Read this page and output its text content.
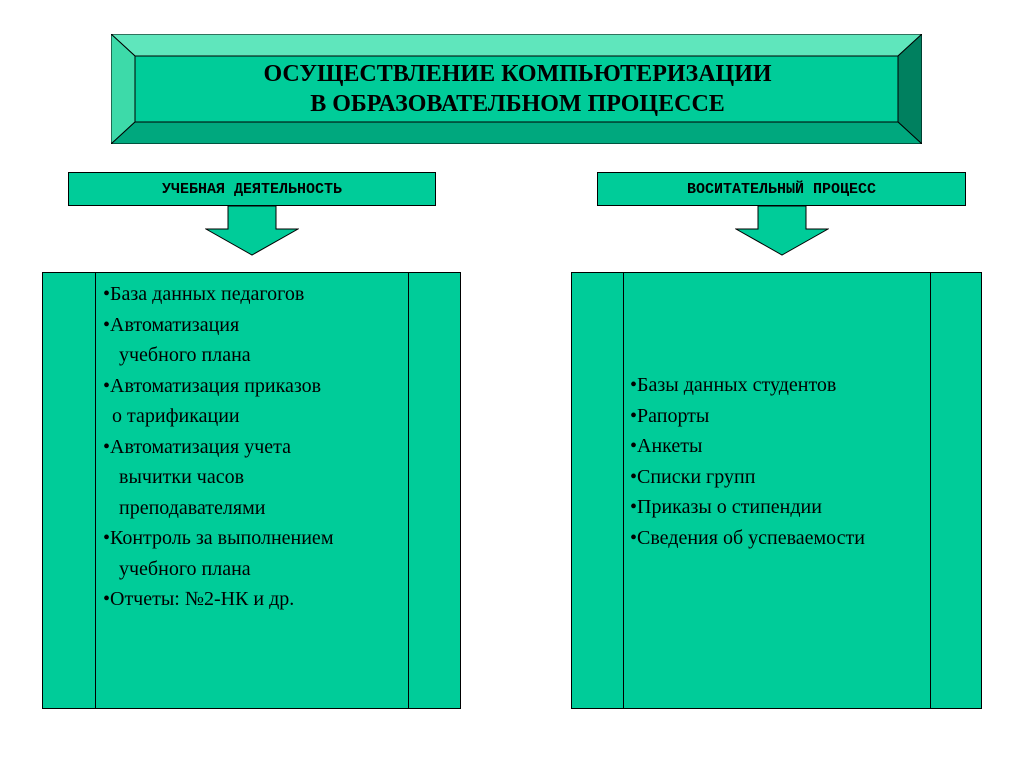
ОСУЩЕСТВЛЕНИЕ КОМПЬЮТЕРИЗАЦИИ
В ОБРАЗОВАТЕЛБНОМ ПРОЦЕССЕ
УЧЕБНАЯ ДЕЯТЕЛЬНОСТЬ	ВОСИТАТЕЛЬНЫЙ ПРОЦЕСС
•База данных педагогов
•Автоматизация
учебного плана
•Автоматизация приказов
о тарификации
•Автоматизация учета
вычитки часов
преподавателями
•Контроль за выполнением
учебного плана
•Отчеты: №2-НК и др.
•Базы данных студентов
•Рапорты
•Анкеты
•Списки групп
•Приказы о стипендии
•Сведения об успеваемости
